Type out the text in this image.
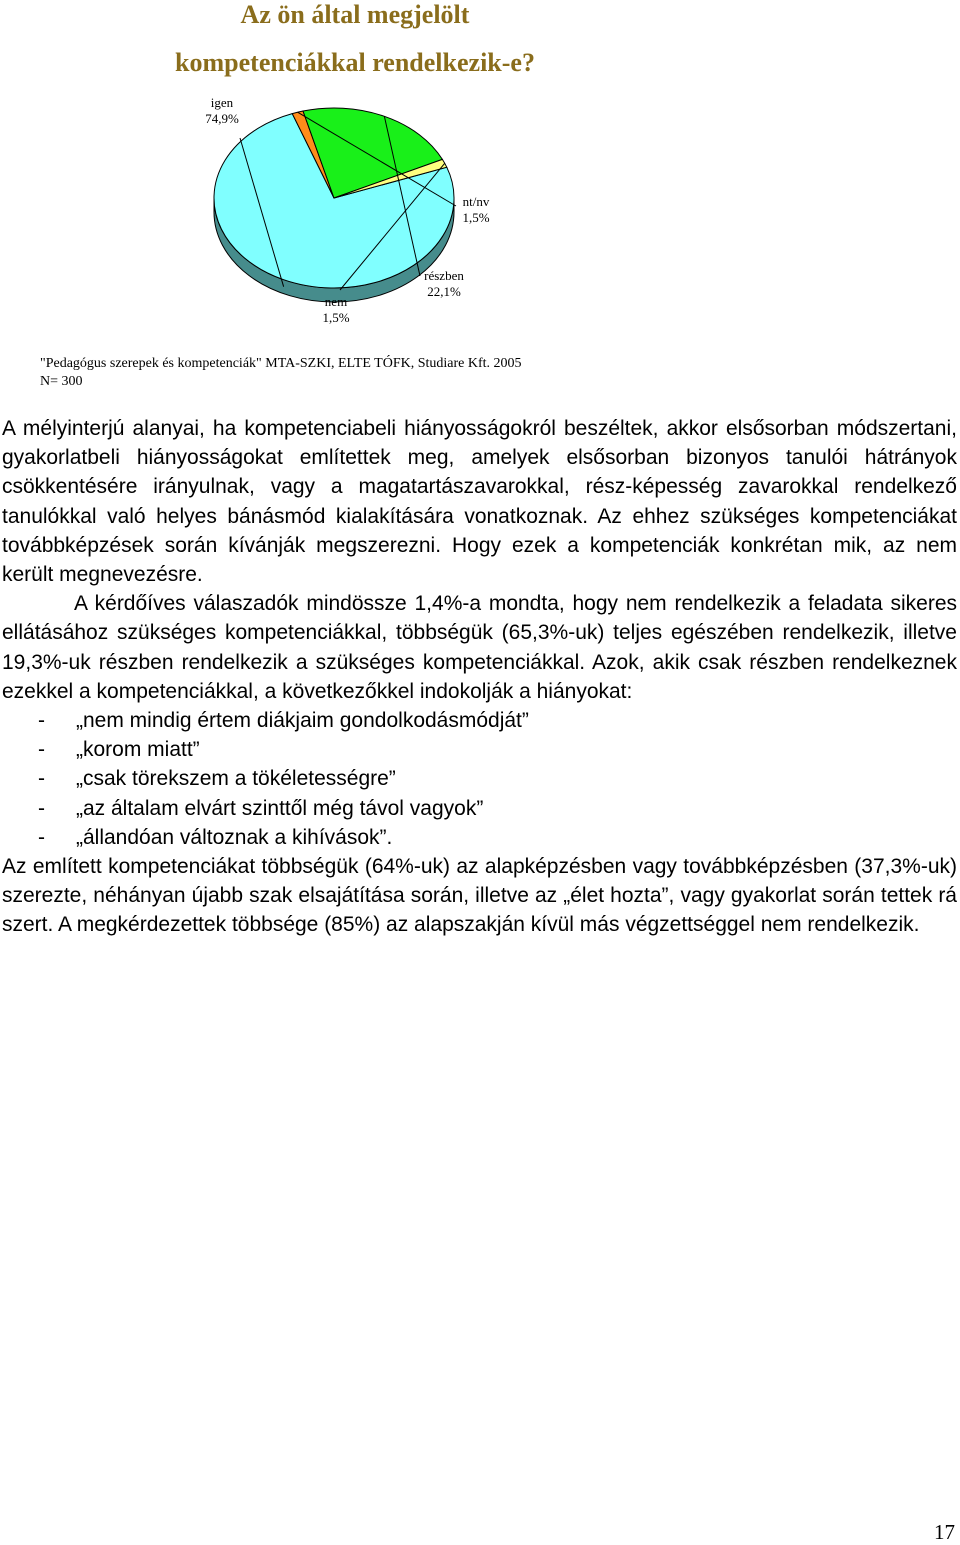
Az ön által megjelölt
kompetenciákkal rendelkezik-e?
igen
74,9%
nt/nv
1,5%
részben
22,1%
nem
1,5%
"Pedagógus szerepek és kompetenciák" MTA-SZKI, ELTE TÓFK, Studiare Kft. 2005
N= 300

A mélyinterjú alanyai, ha kompetenciabeli hiányosságokról beszéltek, akkor elsősorban módszertani, gyakorlatbeli hiányosságokat említettek meg, amelyek elsősorban bizonyos tanulói hátrányok csökkentésére irányulnak, vagy a magatartászavarokkal, rész-képesség zavarokkal rendelkező tanulókkal való helyes bánásmód kialakítására vonatkoznak. Az ehhez szükséges kompetenciákat továbbképzések során kívánják megszerezni. Hogy ezek a kompetenciák konkrétan mik, az nem került megnevezésre.

A kérdőíves válaszadók mindössze 1,4%-a mondta, hogy nem rendelkezik a feladata sikeres ellátásához szükséges kompetenciákkal, többségük (65,3%-uk) teljes egészében rendelkezik, illetve 19,3%-uk részben rendelkezik a szükséges kompetenciákkal. Azok, akik csak részben rendelkeznek ezekkel a kompetenciákkal, a következőkkel indokolják a hiányokat:

- „nem mindig értem diákjaim gondolkodásmódját”
- „korom miatt”
- „csak törekszem a tökéletességre”
- „az általam elvárt szinttől még távol vagyok”
- „állandóan változnak a kihívások”.

Az említett kompetenciákat többségük (64%-uk) az alapképzésben vagy továbbképzésben (37,3%-uk) szerezte, néhányan újabb szak elsajátítása során, illetve az „élet hozta”, vagy gyakorlat során tettek rá szert. A megkérdezettek többsége (85%) az alapszakján kívül más végzettséggel nem rendelkezik.

17
